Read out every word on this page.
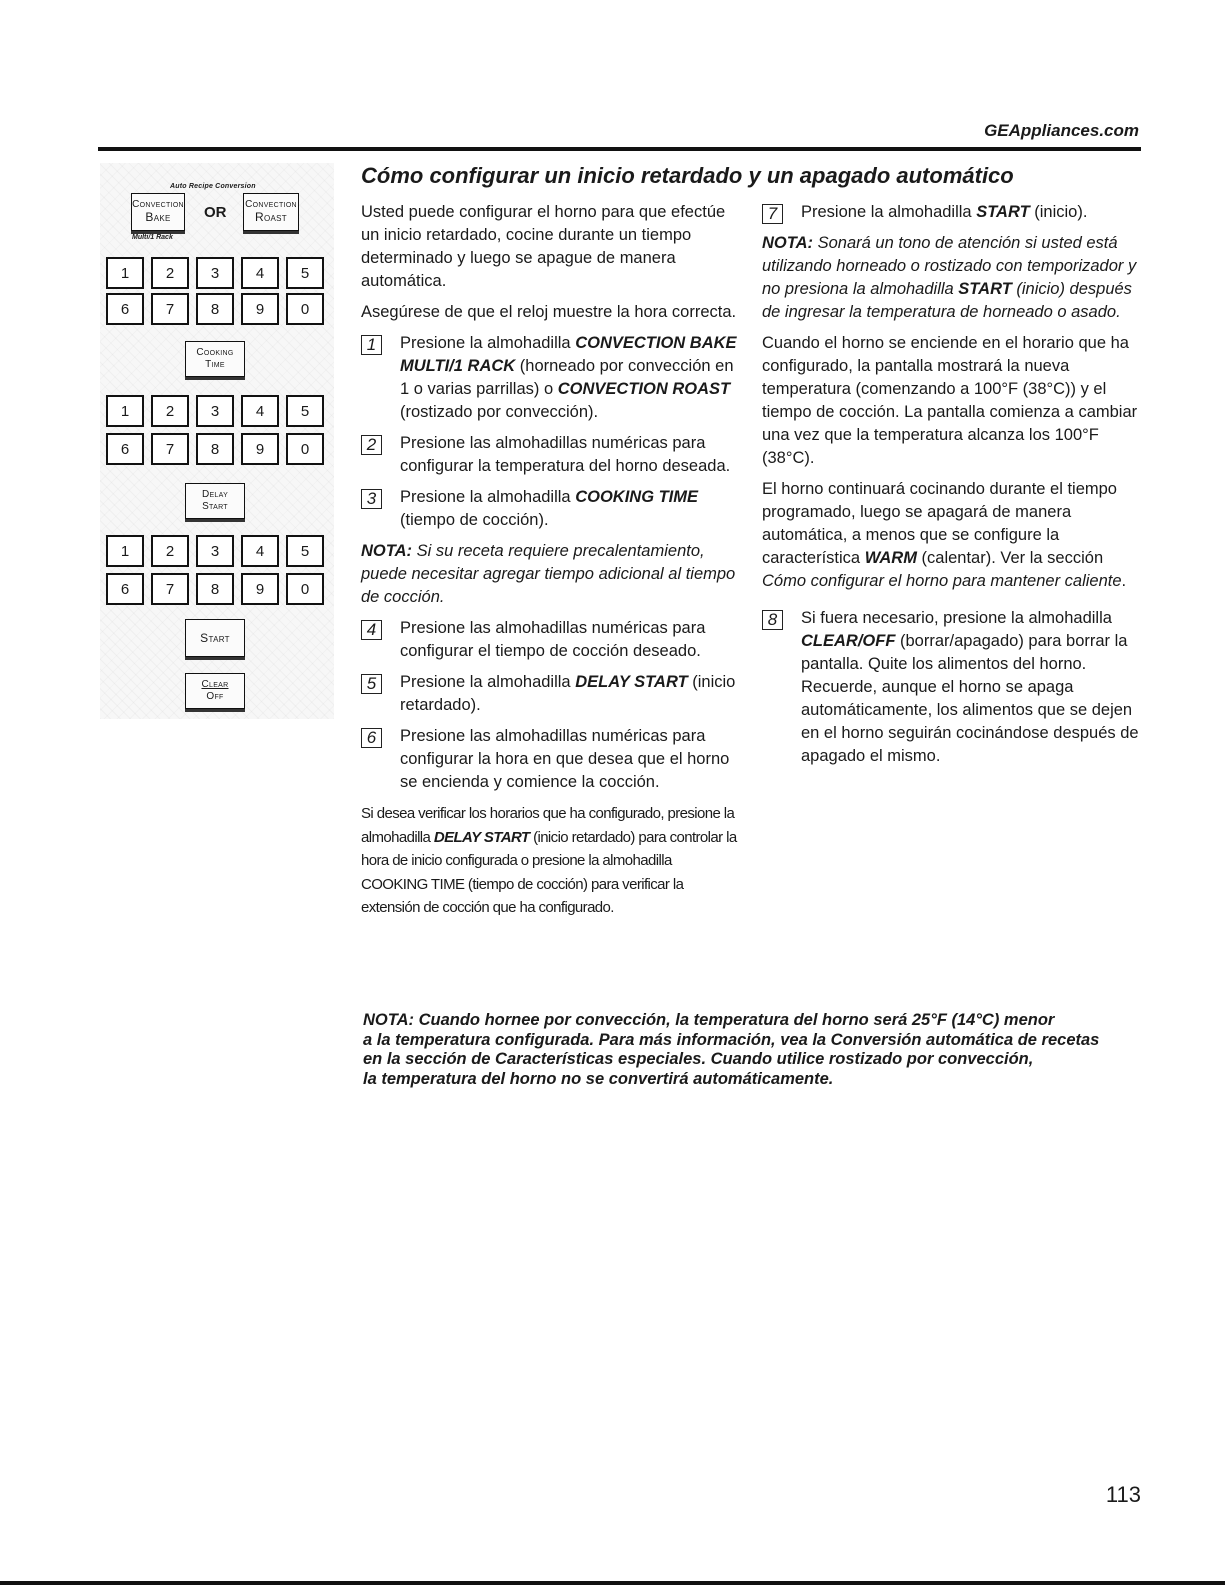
GEAppliances.com
Auto Recipe Conversion
Convection
Bake	OR	Convection
Roast
Multi/1 Rack
1	2	3	4	5
6	7	8	9	0
Cooking
Time
1	2	3	4	5
6	7	8	9	0
Delay
Start
1	2	3	4	5
6	7	8	9	0
Start
Clear
Off
Cómo configurar un inicio retardado y un apagado automático

Usted puede configurar el horno para que efectúe un inicio retardado, cocine durante un tiempo determinado y luego se apague de manera automática.

Asegúrese de que el reloj muestre la hora correcta.

1	Presione la almohadilla CONVECTION BAKE MULTI/1 RACK (horneado por convección en 1 o varias parrillas) o CONVECTION ROAST (rostizado por convección).
2	Presione las almohadillas numéricas para configurar la temperatura del horno deseada.
3	Presione la almohadilla COOKING TIME (tiempo de cocción).

NOTA: Si su receta requiere precalentamiento, puede necesitar agregar tiempo adicional al tiempo de cocción.

4	Presione las almohadillas numéricas para configurar el tiempo de cocción deseado.
5	Presione la almohadilla DELAY START (inicio retardado).
6	Presione las almohadillas numéricas para configurar la hora en que desea que el horno se encienda y comience la cocción.

Si desea verificar los horarios que ha configurado, presione la almohadilla DELAY START (inicio retardado) para controlar la hora de inicio configurada o presione la almohadilla COOKING TIME (tiempo de cocción) para verificar la extensión de cocción que ha configurado.

7	Presione la almohadilla START (inicio).

NOTA: Sonará un tono de atención si usted está utilizando horneado o rostizado con temporizador y no presiona la almohadilla START (inicio) después de ingresar la temperatura de horneado o asado.

Cuando el horno se enciende en el horario que ha configurado, la pantalla mostrará la nueva temperatura (comenzando a 100°F (38°C)) y el tiempo de cocción. La pantalla comienza a cambiar una vez que la temperatura alcanza los 100°F (38°C).

El horno continuará cocinando durante el tiempo programado, luego se apagará de manera automática, a menos que se configure la característica WARM (calentar). Ver la sección Cómo configurar el horno para mantener caliente.

8	Si fuera necesario, presione la almohadilla CLEAR/OFF (borrar/apagado) para borrar la pantalla. Quite los alimentos del horno. Recuerde, aunque el horno se apaga automáticamente, los alimentos que se dejen en el horno seguirán cocinándose después de apagado el mismo.
NOTA: Cuando hornee por convección, la temperatura del horno será 25°F (14°C) menor
a la temperatura configurada. Para más información, vea la Conversión automática de recetas
en la sección de Características especiales. Cuando utilice rostizado por convección,
la temperatura del horno no se convertirá automáticamente.
113
